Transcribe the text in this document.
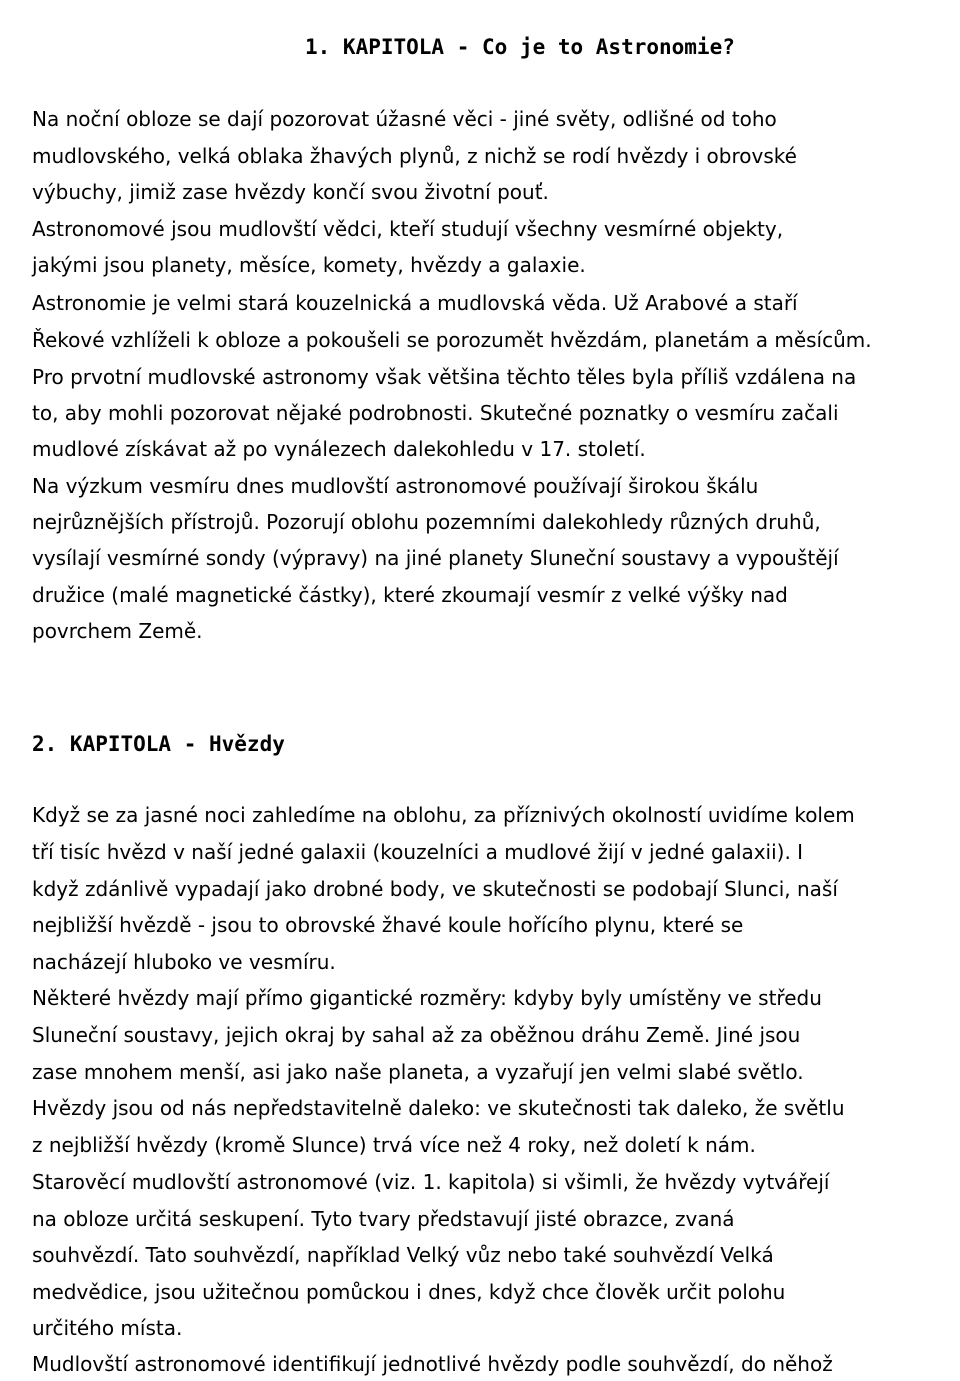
1. KAPITOLA - Co je to Astronomie?

Na noční obloze se dají pozorovat úžasné věci - jiné světy, odlišné od toho

mudlovského, velká oblaka žhavých plynů, z nichž se rodí hvězdy i obrovské

výbuchy, jimiž zase hvězdy končí svou životní pouť.

Astronomové jsou mudlovští vědci, kteří studují všechny vesmírné objekty,

jakými jsou planety, měsíce, komety, hvězdy a galaxie.

Astronomie je velmi stará kouzelnická a mudlovská věda. Už Arabové a staří

Řekové vzhlíželi k obloze a pokoušeli se porozumět hvězdám, planetám a měsícům.

Pro prvotní mudlovské astronomy však většina těchto těles byla příliš vzdálena na

to, aby mohli pozorovat nějaké podrobnosti. Skutečné poznatky o vesmíru začali

mudlové získávat až po vynálezech dalekohledu v 17. století.

Na výzkum vesmíru dnes mudlovští astronomové používají širokou škálu

nejrůznějších přístrojů. Pozorují oblohu pozemními dalekohledy různých druhů,

vysílají vesmírné sondy (výpravy) na jiné planety Sluneční soustavy a vypouštějí

družice (malé magnetické částky), které zkoumají vesmír z velké výšky nad

povrchem Země.

2. KAPITOLA - Hvězdy

Když se za jasné noci zahledíme na oblohu, za příznivých okolností uvidíme kolem

tří tisíc hvězd v naší jedné galaxii (kouzelníci a mudlové žijí v jedné galaxii). I

když zdánlivě vypadají jako drobné body, ve skutečnosti se podobají Slunci, naší

nejbližší hvězdě - jsou to obrovské žhavé koule hořícího plynu, které se

nacházejí hluboko ve vesmíru.

Některé hvězdy mají přímo gigantické rozměry: kdyby byly umístěny ve středu

Sluneční soustavy, jejich okraj by sahal až za oběžnou dráhu Země. Jiné jsou

zase mnohem menší, asi jako naše planeta, a vyzařují jen velmi slabé světlo.

Hvězdy jsou od nás nepředstavitelně daleko: ve skutečnosti tak daleko, že světlu

z nejbližší hvězdy (kromě Slunce) trvá více než 4 roky, než doletí k nám.

Starověcí mudlovští astronomové (viz. 1. kapitola) si všimli, že hvězdy vytvářejí

na obloze určitá seskupení. Tyto tvary představují jisté obrazce, zvaná

souhvězdí. Tato souhvězdí, například Velký vůz nebo také souhvězdí Velká

medvědice, jsou užitečnou pomůckou i dnes, když chce člověk určit polohu

určitého místa.

Mudlovští astronomové identifikují jednotlivé hvězdy podle souhvězdí, do něhož
